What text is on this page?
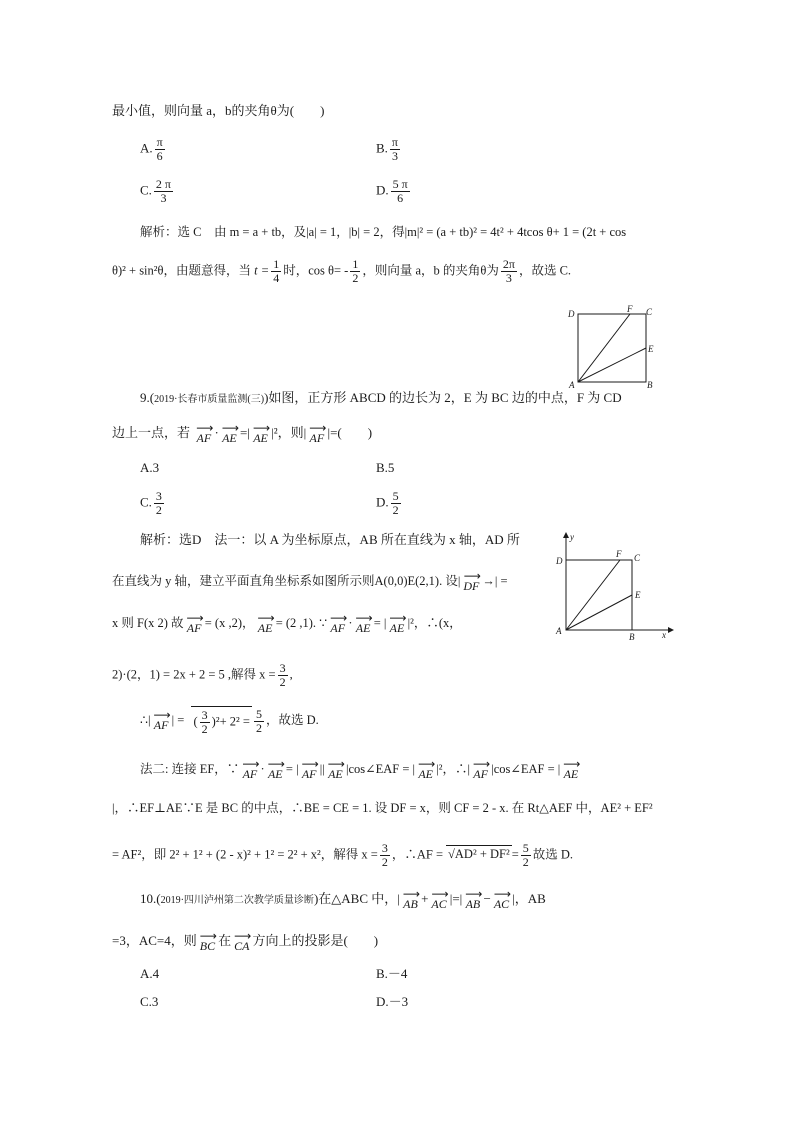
最小值，则向量 a，b的夹角θ为(　　)
A. $\frac{\pi}{6}$	B. $\frac{\pi}{3}$
C. $\frac{2 \pi}{3}$	D. $\frac{5 \pi}{6}$
解析：选 C　由 m = a + tb，及|a| = 1，|b| = 2，得|m|² = (a + tb)² = 4t² + 4tcos θ+ 1 = (2t + cos
θ)² + sin²θ，由题意得，当 $t = \frac{1}{4}$ 时，$\cos \theta= - \frac{1}{2}$ ，则向量 a，b 的夹角θ为 $\frac{2\pi}{3}$ ，故选 C.
D	F C
E
A	B
9.(2019·长春市质量监测(三))如图，正方形 ABCD 的边长为 2，E 为 BC 边的中点，F 为 CD
边上一点，若 ⟶
AF · ⟶
AE =| ⟶
AE |²，则| ⟶
AF |=(　　)
A.3	B.5
C. $\frac{3}{2}$	D. $\frac{5}{2}$
解析：选D　法一：以 A 为坐标原点，AB 所在直线为 x 轴，AD 所
在直线为 y 轴，建立平面直角坐标系如图所示则A(0,0)E(2,1). 设| ⟶
DF →| =
x 则 F(x 2) 故 ⟶
AF = (x ,2)， ⟶
AE = (2 ,1). ∵ ⟶
AF · ⟶
AE = | ⟶
AE |²，∴(x，
2)·(2，1) = 2x + 2 = 5 ,解得 $x = \frac{3}{2}$ ,
∴| ⟶
AF | = ( $\frac{3}{2} )^2+ 2^2 = \frac{5}{2}$ ，故选 D.
y
x
D
F C
E
A
B
法二: 连接 EF，∵ ⟶
AF · ⟶
AE = | ⟶
AF || ⟶
AE |cos∠EAF = | ⟶
AE |²，∴| ⟶
AF |cos∠EAF = | ⟶
AE
|，∴EF⊥AE∵E 是 BC 的中点，∴BE = CE = 1. 设 DF = x，则 CF = 2 - x. 在 Rt△AEF 中，AE² + EF²
= AF²，即 2² + 1² + (2 - x)² + 1² = 2² + x²，解得 $x = \frac{3}{2}$ ，∴AF = $√AD^2 + DF^2 = \frac{5}{2}$ 故选 D.
10.(2019·四川泸州第二次教学质量诊断)在△ABC 中，| ⟶
AB + ⟶
AC |=| ⟶
AB − ⟶
AC |，AB
=3，AC=4，则 ⟶
BC 在 ⟶
CA 方向上的投影是(　　)
A.4	B.－4
C.3	D.－3
